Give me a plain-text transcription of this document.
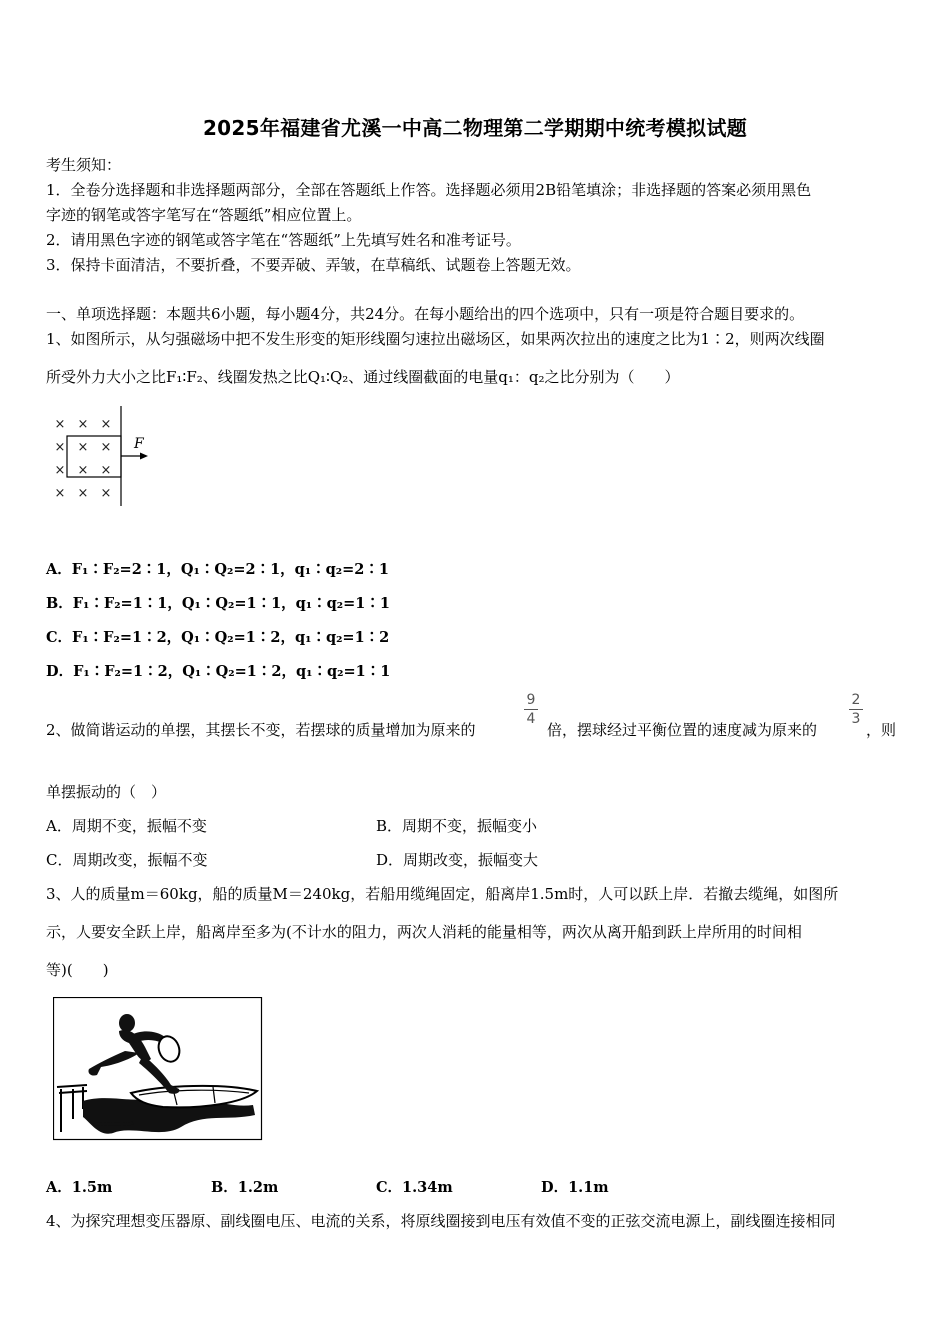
2025年福建省尤溪一中高二物理第二学期期中统考模拟试题
考生须知：
1．全卷分选择题和非选择题两部分，全部在答题纸上作答。选择题必须用2B铅笔填涂；非选择题的答案必须用黑色
字迹的钢笔或答字笔写在“答题纸”相应位置上。
2．请用黑色字迹的钢笔或答字笔在“答题纸”上先填写姓名和准考证号。
3．保持卡面清洁，不要折叠，不要弄破、弄皱，在草稿纸、试题卷上答题无效。
一、单项选择题：本题共6小题，每小题4分，共24分。在每小题给出的四个选项中，只有一项是符合题目要求的。
1、如图所示，从匀强磁场中把不发生形变的矩形线圈匀速拉出磁场区，如果两次拉出的速度之比为1∶2，则两次线圈
所受外力大小之比F₁∶F₂、线圈发热之比Q₁∶Q₂、通过线圈截面的电量q₁：q₂之比分别为（　　）
× × ×
× × ×
× × ×
× × ×
F
A．F₁∶F₂=2∶1，Q₁∶Q₂=2∶1，q₁∶q₂=2∶1
B．F₁∶F₂=1∶1，Q₁∶Q₂=1∶1，q₁∶q₂=1∶1
C．F₁∶F₂=1∶2，Q₁∶Q₂=1∶2，q₁∶q₂=1∶2
D．F₁∶F₂=1∶2，Q₁∶Q₂=1∶2，q₁∶q₂=1∶1
2、做简谐运动的单摆，其摆长不变，若摆球的质量增加为原来的
9
4
倍，摆球经过平衡位置的速度减为原来的
2
3
，则
单摆振动的（　）
A．周期不变，振幅不变	B．周期不变，振幅变小
C．周期改变，振幅不变	D．周期改变，振幅变大
3、人的质量m＝60kg，船的质量M＝240kg，若船用缆绳固定，船离岸1.5m时，人可以跃上岸．若撤去缆绳，如图所
示，人要安全跃上岸，船离岸至多为(不计水的阻力，两次人消耗的能量相等，两次从离开船到跃上岸所用的时间相
等)(　　)
A．1.5m	B．1.2m	C．1.34m	D．1.1m
4、为探究理想变压器原、副线圈电压、电流的关系，将原线圈接到电压有效值不变的正弦交流电源上，副线圈连接相同
